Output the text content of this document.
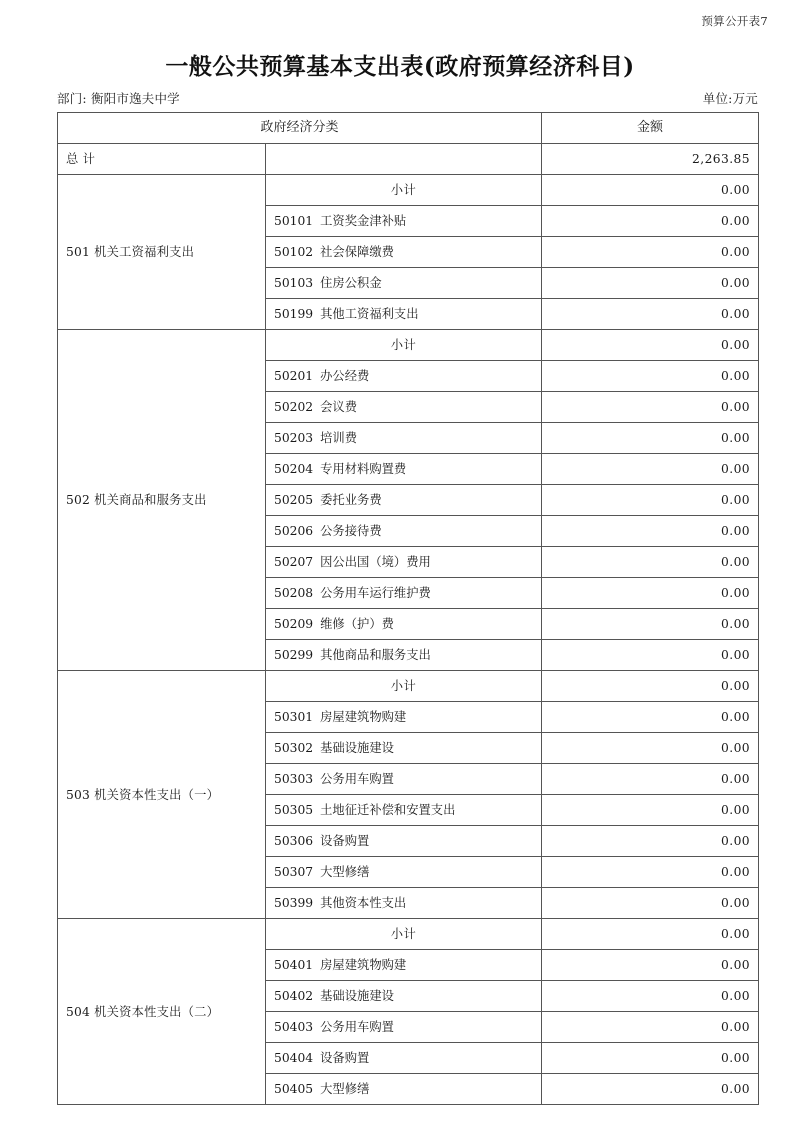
预算公开表7
一般公共预算基本支出表(政府预算经济科目)
部门: 衡阳市逸夫中学	单位:万元
政府经济分类		金额
总 计		2,263.85
501 机关工资福利支出	小计	0.00
	50101 工资奖金津补贴	0.00
	50102 社会保障缴费	0.00
	50103 住房公积金	0.00
	50199 其他工资福利支出	0.00
502 机关商品和服务支出	小计	0.00
	50201 办公经费	0.00
	50202 会议费	0.00
	50203 培训费	0.00
	50204 专用材料购置费	0.00
	50205 委托业务费	0.00
	50206 公务接待费	0.00
	50207 因公出国（境）费用	0.00
	50208 公务用车运行维护费	0.00
	50209 维修（护）费	0.00
	50299 其他商品和服务支出	0.00
503 机关资本性支出（一）	小计	0.00
	50301 房屋建筑物购建	0.00
	50302 基础设施建设	0.00
	50303 公务用车购置	0.00
	50305 土地征迁补偿和安置支出	0.00
	50306 设备购置	0.00
	50307 大型修缮	0.00
	50399 其他资本性支出	0.00
504 机关资本性支出（二）	小计	0.00
	50401 房屋建筑物购建	0.00
	50402 基础设施建设	0.00
	50403 公务用车购置	0.00
	50404 设备购置	0.00
	50405 大型修缮	0.00
